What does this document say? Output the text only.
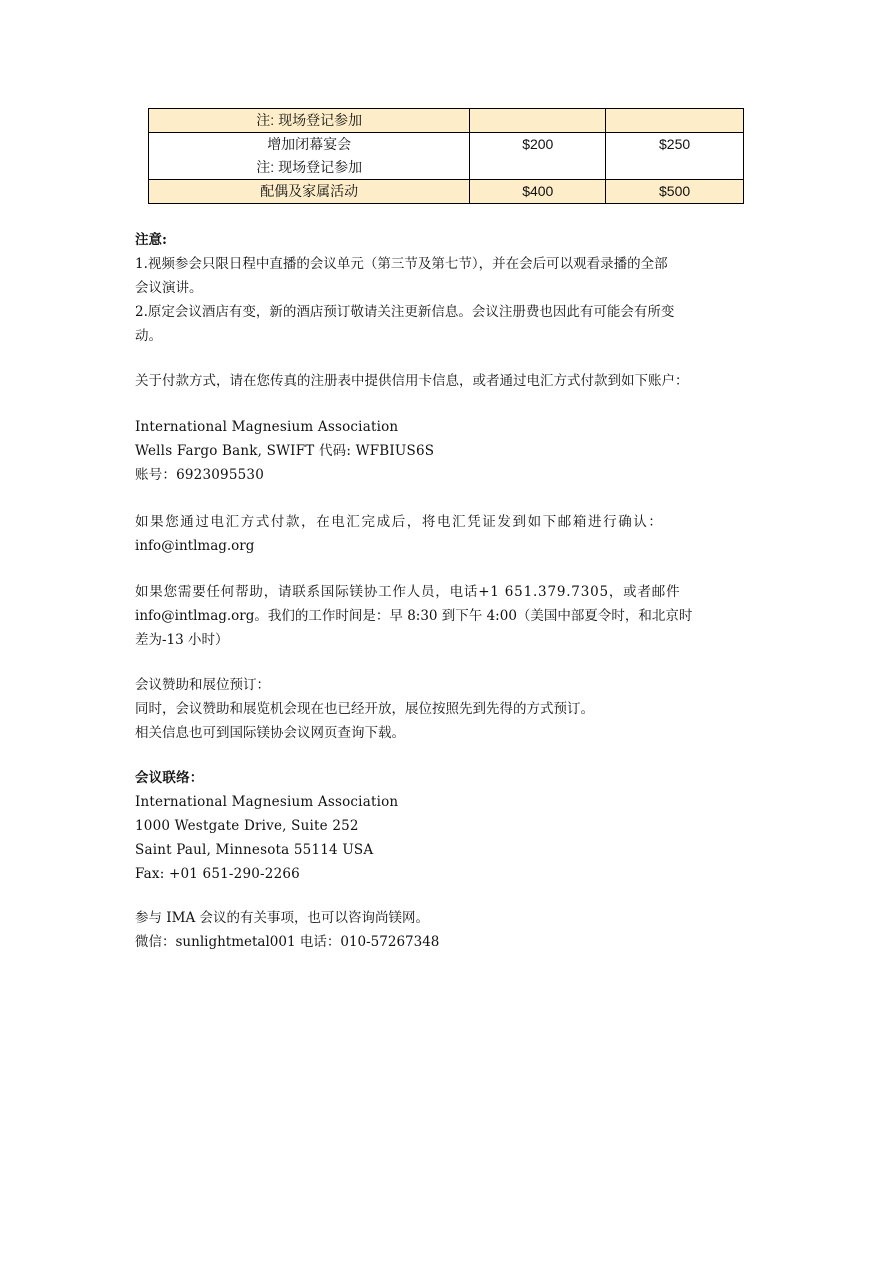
注: 现场登记参加		

增加闭幕宴会
注: 现场登记参加	$200	$250

配偶及家属活动	$400	$500
注意:
1.视频参会只限日程中直播的会议单元（第三节及第七节），并在会后可以观看录播的全部
会议演讲。
2.原定会议酒店有变，新的酒店预订敬请关注更新信息。会议注册费也因此有可能会有所变
动。
关于付款方式，请在您传真的注册表中提供信用卡信息，或者通过电汇方式付款到如下账户：
International Magnesium Association
Wells Fargo Bank, SWIFT 代码: WFBIUS6S
账号：6923095530
如果您通过电汇方式付款，在电汇完成后，将电汇凭证发到如下邮箱进行确认：
info@intlmag.org
如果您需要任何帮助，请联系国际镁协工作人员，电话+1 651.379.7305，或者邮件
info@intlmag.org。我们的工作时间是：早 8:30 到下午 4:00（美国中部夏令时，和北京时
差为-13 小时）
会议赞助和展位预订：
同时，会议赞助和展览机会现在也已经开放，展位按照先到先得的方式预订。
相关信息也可到国际镁协会议网页查询下载。
会议联络：
International Magnesium Association
1000 Westgate Drive, Suite 252
Saint Paul, Minnesota 55114 USA
Fax: +01 651-290-2266
参与 IMA 会议的有关事项，也可以咨询尚镁网。
微信：sunlightmetal001 电话：010-57267348
